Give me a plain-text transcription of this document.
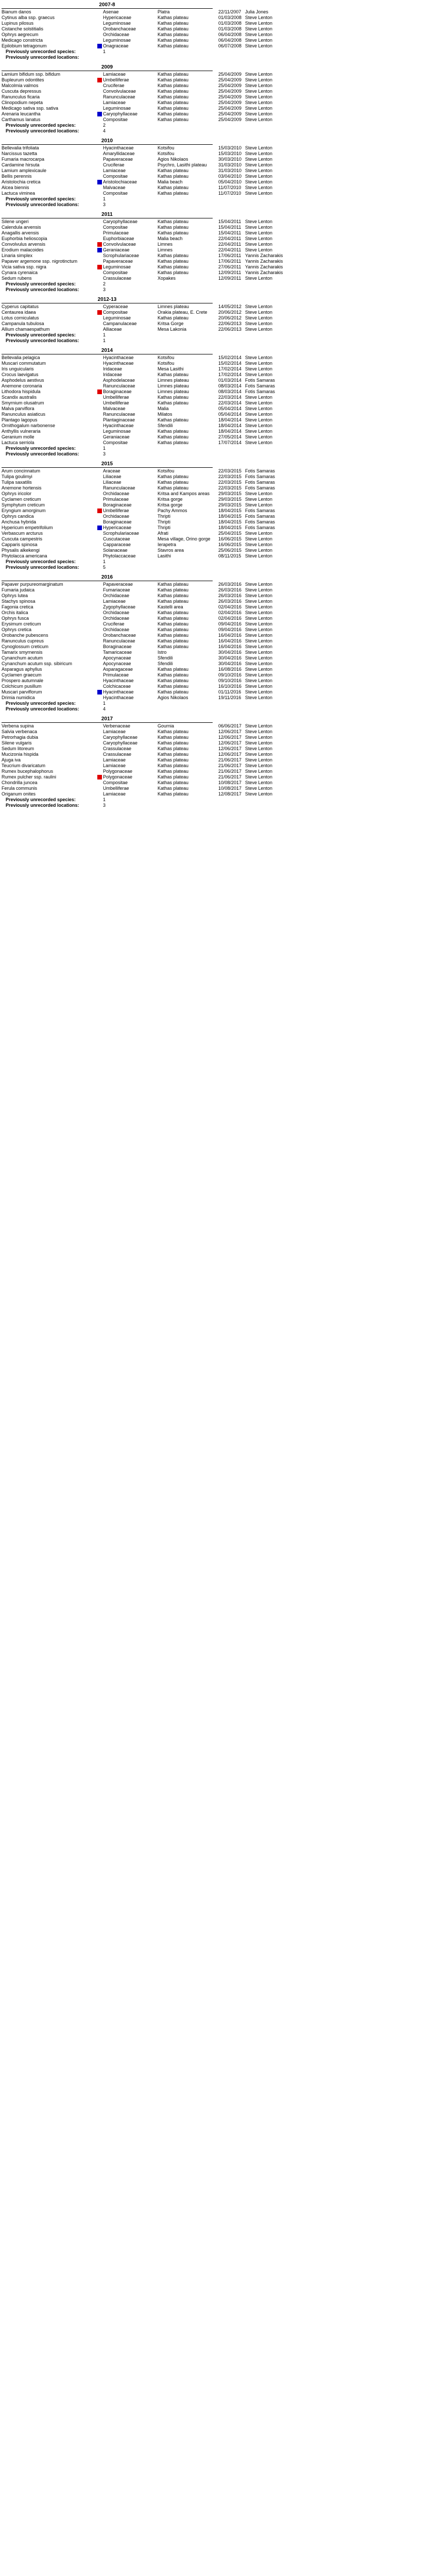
2007-8
Bianum danos	Asenae	Platra	22/11/2007 Julia Jones
Cytinus alba ssp. graecus	Hypericaceae	Kathas plateau	01/03/2008 Steve Lenton
Lupinus pilosus	Leguminosae	Kathas plateau	01/03/2008 Steve Lenton
Cistanche solstitialis	Orobanchaceae	Kathas plateau	01/03/2008 Steve Lenton
Ophrys aegrecum	Orchidaceae	Kathas plateau	06/04/2008 Steve Lenton
Medicago constricta	Leguminosae	Kathas plateau	06/04/2008 Steve Lenton
Epilobium tetragonum	Onagraceae	Kathas plateau	06/07/2008 Steve Lenton
Previously unrecorded species:	1
Previously unrecorded locations:
2009
Lamium bifidum ssp. bifidum	Lamiaceae	Kathas plateau	25/04/2009 Steve Lenton
Bupleurum odontites	Umbelliferae	Kathas plateau	25/04/2009 Steve Lenton
Malcolmia valmos	Cruciferae	Kathas plateau	25/04/2009 Steve Lenton
Cuscuta depressus	Convolvulaceae	Kathas plateau	25/04/2009 Steve Lenton
Ranunculus ficaria	Ranunculaceae	Kathas plateau	25/04/2009 Steve Lenton
Clinopodium nepeta	Lamiaceae	Kathas plateau	25/04/2009 Steve Lenton
Medicago sativa ssp. sativa	Leguminosae	Kathas plateau	25/04/2009 Steve Lenton
Arenaria leucantha	Caryophyllaceae	Kathas plateau	25/04/2009 Steve Lenton
Carthamus lanatus	Compositae	Kathas plateau	25/04/2009 Steve Lenton
Previously unrecorded species:	2
Previously unrecorded locations:	4
2010
Bellevalia trifoliata	Hyacinthaceae	Kotsifou	15/03/2010 Steve Lenton
Narcissus tazetta	Amaryllidaceae	Kotsifou	15/03/2010 Steve Lenton
Fumaria macrocarpa	Papaveraceae	Agios Nikolaos	30/03/2010 Steve Lenton
Cardamine hirsuta	Cruciferae	Psychro, Lasithi plateau	31/03/2010 Steve Lenton
Lamium amplexicaule	Lamiaceae	Kathas plateau	31/03/2010 Steve Lenton
Bellis perennis	Compositae	Kathas plateau	03/04/2010 Steve Lenton
Aristolochia cretica	Aristolochiaceae	Malia beach	05/04/2010 Steve Lenton
Alcea biennis	Malvaceae	Kathas plateau	11/07/2010 Steve Lenton
Lactuca viminea	Compositae	Kathas plateau	11/07/2010 Steve Lenton
Previously unrecorded species:	1
Previously unrecorded locations:	3
2011
Silene ungeri	Caryophyllaceae	Kathas plateau	15/04/2011 Steve Lenton
Calendula arvensis	Compositae	Kathas plateau	15/04/2011 Steve Lenton
Anagallis arvensis	Primulaceae	Kathas plateau	15/04/2011 Steve Lenton
Euphorbia helioscopia	Euphorbiaceae	Malia beach	22/04/2011 Steve Lenton
Convolvulus arvensis	Convolvulaceae	Limnes	22/04/2011 Steve Lenton
Erodium malacoides	Geraniaceae	Limnes	22/04/2011 Steve Lenton
Linaria simplex	Scrophulariaceae	Kathas plateau	17/06/2011 Yannis Zacharakis
Papaver argemone ssp. nigrotinctum	Papaveraceae	Kathas plateau	17/06/2011 Yannis Zacharakis
Vicia sativa ssp. nigra	Leguminosae	Kathas plateau	27/06/2011 Yannis Zacharakis
Cynara cyrenaica	Compositae	Kathas plateau	12/09/2011 Yannis Zacharakis
Sedum rubens	Crassulaceae	Xopakes	12/09/2011 Steve Lenton
Previously unrecorded species:	2
Previously unrecorded locations:	3
2012-13
Cyperus capitatus	Cyperaceae	Limnes plateau	14/05/2012 Steve Lenton
Centaurea idaea	Compositae	Orakia plateau, E. Crete	20/06/2012 Steve Lenton
Lotus corniculatus	Leguminosae	Kathas plateau	20/06/2012 Steve Lenton
Campanula tubulosa	Campanulaceae	Kritsa Gorge	22/06/2013 Steve Lenton
Allium chamaespathum	Alliaceae	Mesa Lakonia	22/06/2013 Steve Lenton
Previously unrecorded species:	1
Previously unrecorded locations:	1
2014
Bellevalia pelagica	Hyacinthaceae	Kotsifou	15/02/2014 Steve Lenton
Muscari commutatum	Hyacinthaceae	Kotsifou	15/02/2014 Steve Lenton
Iris unguicularis	Iridaceae	Mesa Lasithi	17/02/2014 Steve Lenton
Crocus laevigatus	Iridaceae	Kathas plateau	17/02/2014 Steve Lenton
Asphodelus aestivus	Asphodelaceae	Limnes plateau	01/03/2014 Fotis Samaras
Anemone coronaria	Ranunculaceae	Limnes plateau	08/03/2014 Fotis Samaras
Lithodora hispidula	Boraginaceae	Limnes plateau	08/03/2014 Fotis Samaras
Scandix australis	Umbelliferae	Kathas plateau	22/03/2014 Steve Lenton
Smyrnium olusatrum	Umbelliferae	Kathas plateau	22/03/2014 Steve Lenton
Malva parviflora	Malvaceae	Malia	05/04/2014 Steve Lenton
Ranunculus asiaticus	Ranunculaceae	Milatos	05/04/2014 Steve Lenton
Plantago lagopus	Plantaginaceae	Kathas plateau	18/04/2014 Steve Lenton
Ornithogalum narbonense	Hyacinthaceae	Sfendili	18/04/2014 Steve Lenton
Anthyllis vulneraria	Leguminosae	Kathas plateau	18/04/2014 Steve Lenton
Geranium molle	Geraniaceae	Kathas plateau	27/05/2014 Steve Lenton
Lactuca serriola	Compositae	Kathas plateau	17/07/2014 Steve Lenton
Previously unrecorded species:	1
Previously unrecorded locations:	3
2015
Arum concinnatum	Araceae	Kotsifou	22/03/2015 Fotis Samaras
Tulipa goulimyi	Liliaceae	Kathas plateau	22/03/2015 Fotis Samaras
Tulipa saxatilis	Liliaceae	Kathas plateau	22/03/2015 Fotis Samaras
Anemone hortensis	Ranunculaceae	Kathas plateau	22/03/2015 Fotis Samaras
Ophrys iricolor	Orchidaceae	Kritsa and Kampos areas	29/03/2015 Steve Lenton
Cyclamen creticum	Primulaceae	Kritsa gorge	29/03/2015 Steve Lenton
Symphytum creticum	Boraginaceae	Kritsa gorge	29/03/2015 Steve Lenton
Eryngium amorginum	Umbelliferae	Pachy Ammos	18/04/2015 Fotis Samaras
Ophrys candica	Orchidaceae	Thripti	18/04/2015 Fotis Samaras
Anchusa hybrida	Boraginaceae	Thripti	18/04/2015 Fotis Samaras
Hypericum empetrifolium	Hypericaceae	Thripti	18/04/2015 Fotis Samaras
Verbascum arcturus	Scrophulariaceae	Afrati	25/04/2015 Steve Lenton
Cuscuta campestris	Cuscutaceae	Mesa village, Orino gorge	16/06/2015 Steve Lenton
Capparis spinosa	Capparaceae	Ierapetra	16/06/2015 Steve Lenton
Physalis alkekengi	Solanaceae	Stavros area	25/06/2015 Steve Lenton
Phytolacca americana	Phytolaccaceae	Lasithi	08/11/2015 Steve Lenton
Previously unrecorded species:	1
Previously unrecorded locations:	5
2016
Papaver purpureomarginatum	Papaveraceae	Kathas plateau	26/03/2016 Steve Lenton
Fumaria judaica	Fumariaceae	Kathas plateau	26/03/2016 Steve Lenton
Ophrys lutea	Orchidaceae	Kathas plateau	26/03/2016 Steve Lenton
Stachys spinosa	Lamiaceae	Kathas plateau	26/03/2016 Steve Lenton
Fagonia cretica	Zygophyllaceae	Kastelli area	02/04/2016 Steve Lenton
Orchis italica	Orchidaceae	Kathas plateau	02/04/2016 Steve Lenton
Ophrys fusca	Orchidaceae	Kathas plateau	02/04/2016 Steve Lenton
Erysimum creticum	Cruciferae	Kathas plateau	09/04/2016 Steve Lenton
Ophrys cretica	Orchidaceae	Kathas plateau	09/04/2016 Steve Lenton
Orobanche pubescens	Orobanchaceae	Kathas plateau	16/04/2016 Steve Lenton
Ranunculus cupreus	Ranunculaceae	Kathas plateau	16/04/2016 Steve Lenton
Cynoglossum creticum	Boraginaceae	Kathas plateau	16/04/2016 Steve Lenton
Tamarix smyrnensis	Tamaricaceae	Istro	30/04/2016 Steve Lenton
Cynanchum acutum	Apocynaceae	Sfendili	30/04/2016 Steve Lenton
Cynanchum acutum ssp. sibiricum	Apocynaceae	Sfendili	30/04/2016 Steve Lenton
Asparagus aphyllus	Asparagaceae	Kathas plateau	16/08/2016 Steve Lenton
Cyclamen graecum	Primulaceae	Kathas plateau	09/10/2016 Steve Lenton
Prospero autumnale	Hyacinthaceae	Kathas plateau	09/10/2016 Steve Lenton
Colchicum pusillum	Colchicaceae	Kathas plateau	16/10/2016 Steve Lenton
Muscari parviflorum	Hyacinthaceae	Kathas plateau	01/11/2016 Steve Lenton
Drimia numidica	Hyacinthaceae	Agios Nikolaos	19/11/2016 Steve Lenton
Previously unrecorded species:	1
Previously unrecorded locations:	4
2017
Verbena supina	Verbenaceae	Gournia	06/06/2017 Steve Lenton
Salvia verbenaca	Lamiaceae	Kathas plateau	12/06/2017 Steve Lenton
Petrorhagia dubia	Caryophyllaceae	Kathas plateau	12/06/2017 Steve Lenton
Silene vulgaris	Caryophyllaceae	Kathas plateau	12/06/2017 Steve Lenton
Sedum litoreum	Crassulaceae	Kathas plateau	12/06/2017 Steve Lenton
Mucizonia hispida	Crassulaceae	Kathas plateau	12/06/2017 Steve Lenton
Ajuga iva	Lamiaceae	Kathas plateau	21/06/2017 Steve Lenton
Teucrium divaricatum	Lamiaceae	Kathas plateau	21/06/2017 Steve Lenton
Rumex bucephalophorus	Polygonaceae	Kathas plateau	21/06/2017 Steve Lenton
Rumex pulcher ssp. raulini	Polygonaceae	Kathas plateau	21/06/2017 Steve Lenton
Chondrilla juncea	Compositae	Kathas plateau	10/08/2017 Steve Lenton
Ferula communis	Umbelliferae	Kathas plateau	10/08/2017 Steve Lenton
Origanum onites	Lamiaceae	Kathas plateau	12/08/2017 Steve Lenton
Previously unrecorded species:	1
Previously unrecorded locations:	3
